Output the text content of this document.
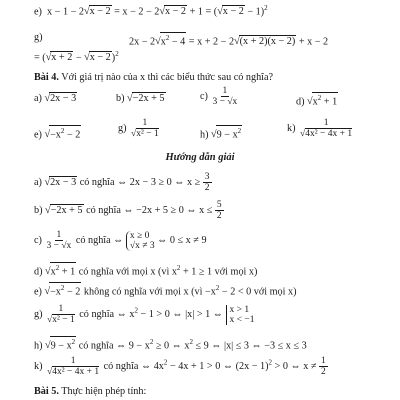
e)  $x - 1 - 2√x - 2 = x - 2 - 2√x - 2 + 1 = (√x - 2 - 1)^2$
g)	$2x - 2√x^2 - 4 = x + 2 - 2√(x + 2)(x - 2) + x - 2$
= $(√x + 2 - √x - 2)^2$
Bài 4. Với giá trị nào của x thì các biểu thức sau có nghĩa?
a) √2x − 3	b) √−2x + 5	$c) \frac{1}{3 - √x}$	d) $√x^2 + 1$
e) $√-x^2 - 2$
$g) \frac{1}{\text{√x² − 1}}$	h) $√9 - x^2$	$k) \frac{1}{\text{√4x² − 4x + 1}}$
Hướng dẫn giải
a) √2x − 3 có nghĩa ⇔ 2x − 3 ≥ 0 ⇔ $x \ge \frac{3}{2}$
b) √−2x + 5 có nghĩa ⇔ −2x + 5 ≥ 0 ⇔ $x \le \frac{5}{2}$
$c) \frac{1}{3 - √x}$ có nghĩa ⇔ x ≥ 0
√x ≠ 3 ⇔ 0 ≤ x ≠ 9
d) $√x^2 + 1$ có nghĩa với mọi x (vì $x^2 + 1 \ge 1$ với mọi x)
e) $√-x^2 - 2$ không có nghĩa với mọi x (vì $-x^2 - 2 < 0$ với mọi x)
$g) \frac{1}{\text{√x² − 1}}$ có nghĩa ⇔ $x^2 - 1 > 0$ ⇔ |x| > 1 ⇔ x > 1
x < −1
h) $√9 - x^2$ có nghĩa ⇔ $9 - x^2 \ge 0$ ⇔ $x^2 \le 9$ ⇔ |x| ≤ 3 ⇔ −3 ≤ x ≤ 3
$k) \frac{1}{\text{√4x² − 4x + 1}}$ có nghĩa ⇔ $4x^2 - 4x + 1 > 0$ ⇔ $(2x - 1)^2 > 0$ ⇔ $x \ne \frac{1}{2}$
Bài 5. Thực hiện phép tính:
